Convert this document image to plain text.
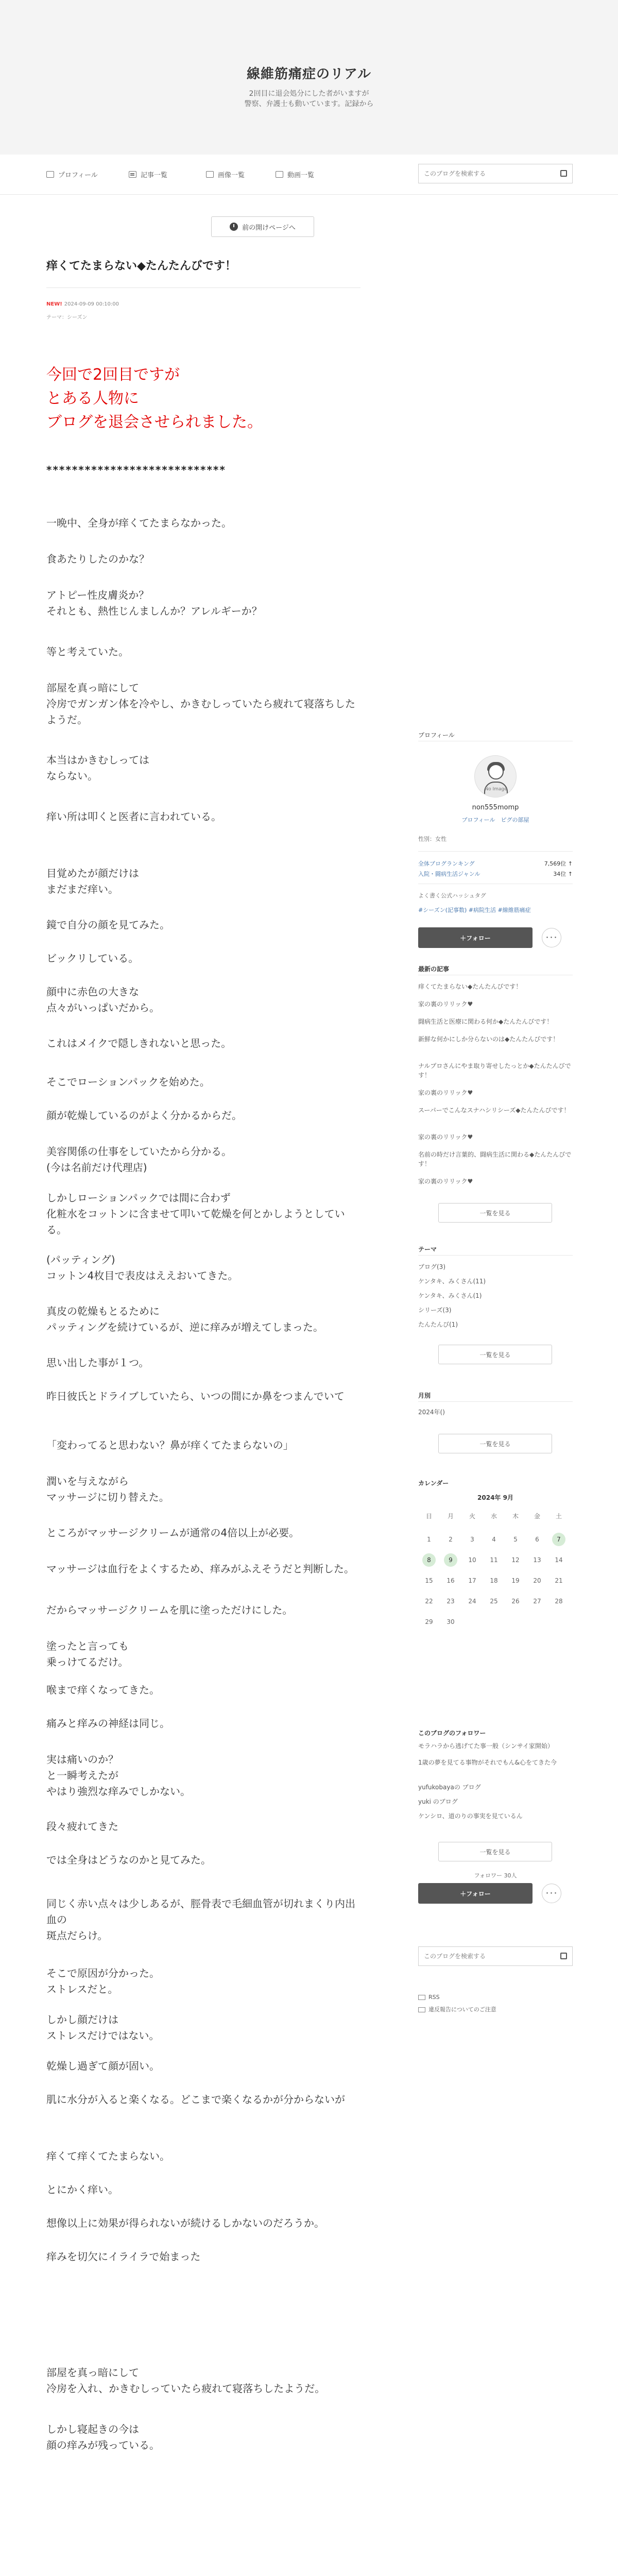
線維筋痛症のリアル
2回目に退会処分にした者がいますが
警察、弁護士も動いています。記録から
プロフィール	記事一覧	画像一覧	動画一覧
このブログを検索する
前の開けページへ
痒くてたまらない◆たんたんびです！
NEW! 2024-09-09 00:10:00
テーマ：シーズン
今回で2回目ですが
とある人物に
ブログを退会させられました。
****************************
一晩中、全身が痒くてたまらなかった。
食あたりしたのかな？
アトピー性皮膚炎か？
それとも、熱性じんましんか？アレルギーか？
等と考えていた。
部屋を真っ暗にして
冷房でガンガン体を冷やし、かきむしっていたら疲れて寝落ちしたようだ。
本当はかきむしっては
ならない。
痒い所は叩くと医者に言われている。
目覚めたが顔だけは
まだまだ痒い。
鏡で自分の顔を見てみた。
ビックリしている。
顔中に赤色の大きな
点々がいっぱいだから。
これはメイクで隠しきれないと思った。
そこでローションパックを始めた。
顔が乾燥しているのがよく分かるからだ。
美容関係の仕事をしていたから分かる。
(今は名前だけ代理店)
しかしローションパックでは間に合わず
化粧水をコットンに含ませて叩いて乾燥を何とかしようとしている。
(パッティング)
コットン4枚目で表皮はええおいてきた。
真皮の乾燥もとるために
パッティングを続けているが、逆に痒みが増えてしまった。
思い出した事が１つ。
昨日彼氏とドライブしていたら、いつの間にか鼻をつまんでいて
「変わってると思わない？鼻が痒くてたまらないの」
潤いを与えながら
マッサージに切り替えた。
ところがマッサージクリームが通常の4倍以上が必要。
マッサージは血行をよくするため、痒みがふえそうだと判断した。
だからマッサージクリームを肌に塗っただけにした。
塗ったと言っても
乗っけてるだけ。
喉まで痒くなってきた。
痛みと痒みの神経は同じ。
実は痛いのか？
と一瞬考えたが
やはり強烈な痒みでしかない。
段々疲れてきた
では全身はどうなのかと見てみた。
同じく赤い点々は少しあるが、脛骨表で毛細血管が切れまくり内出血の
斑点だらけ。
そこで原因が分かった。
ストレスだと。
しかし顔だけは
ストレスだけではない。
乾燥し過ぎて顔が固い。
肌に水分が入ると楽くなる。どこまで楽くなるかが分からないが
痒くて痒くてたまらない。
とにかく痒い。
想像以上に効果が得られないが続けるしかないのだろうか。
痒みを切欠にイライラで始まった
部屋を真っ暗にして
冷房を入れ、かきむしっていたら疲れて寝落ちしたようだ。
しかし寝起きの今は
顔の痒みが残っている。
プロフィール
No Image
non555momp
プロフィール　ピグの部屋
性別：女性
全体ブログランキング	7,569位 ↑
入院・闘病生活ジャンル	34位 ↑
よく書く公式ハッシュタグ
#シーズン(記事数) #病院生活 #線維筋痛症
＋フォロー	･･･
最新の記事
痒くてたまらない◆たんたんびです！
家の裏のリリック♥
闘病生活と医療に関わる何か◆たんたんびです！
新鮮な何かにしか分らないのは◆たんたんびです！
ナルプロさんにやま取り寄せしたっとか◆たんたんびです！
家の裏のリリック♥
スーパーでこんなスナハシリシーズ◆たんたんびです！
家の裏のリリック♥
名前の時だけ言葉的、闘病生活に関わる◆たんたんびです！
家の裏のリリック♥
一覧を見る
テーマ
ブログ(3)
ケンタキ、みくさん(11)
ケンタキ、みくさん(1)
シリーズ(3)
たんたんび(1)
一覧を見る
月別
2024年()
一覧を見る
カレンダー
2024年 9月
日	月	火	水	木	金	土
1	2	3	4	5	6	7
8	9	10	11	12	13	14
15	16	17	18	19	20	21
22	23	24	25	26	27	28
29	30
このブログのフォロワー
モラハラから逃げてた事一般（シンサイ家開始）
1歳の夢を見てる事物がそれでもん&心をてきた今
yufukobayaの ブログ
yuki のブログ
ケンシロ、道のりの事実を見ているん
一覧を見る
フォロワー 30人
＋フォロー	･･･
このブログを検索する
RSS
違反報告についてのご注意
